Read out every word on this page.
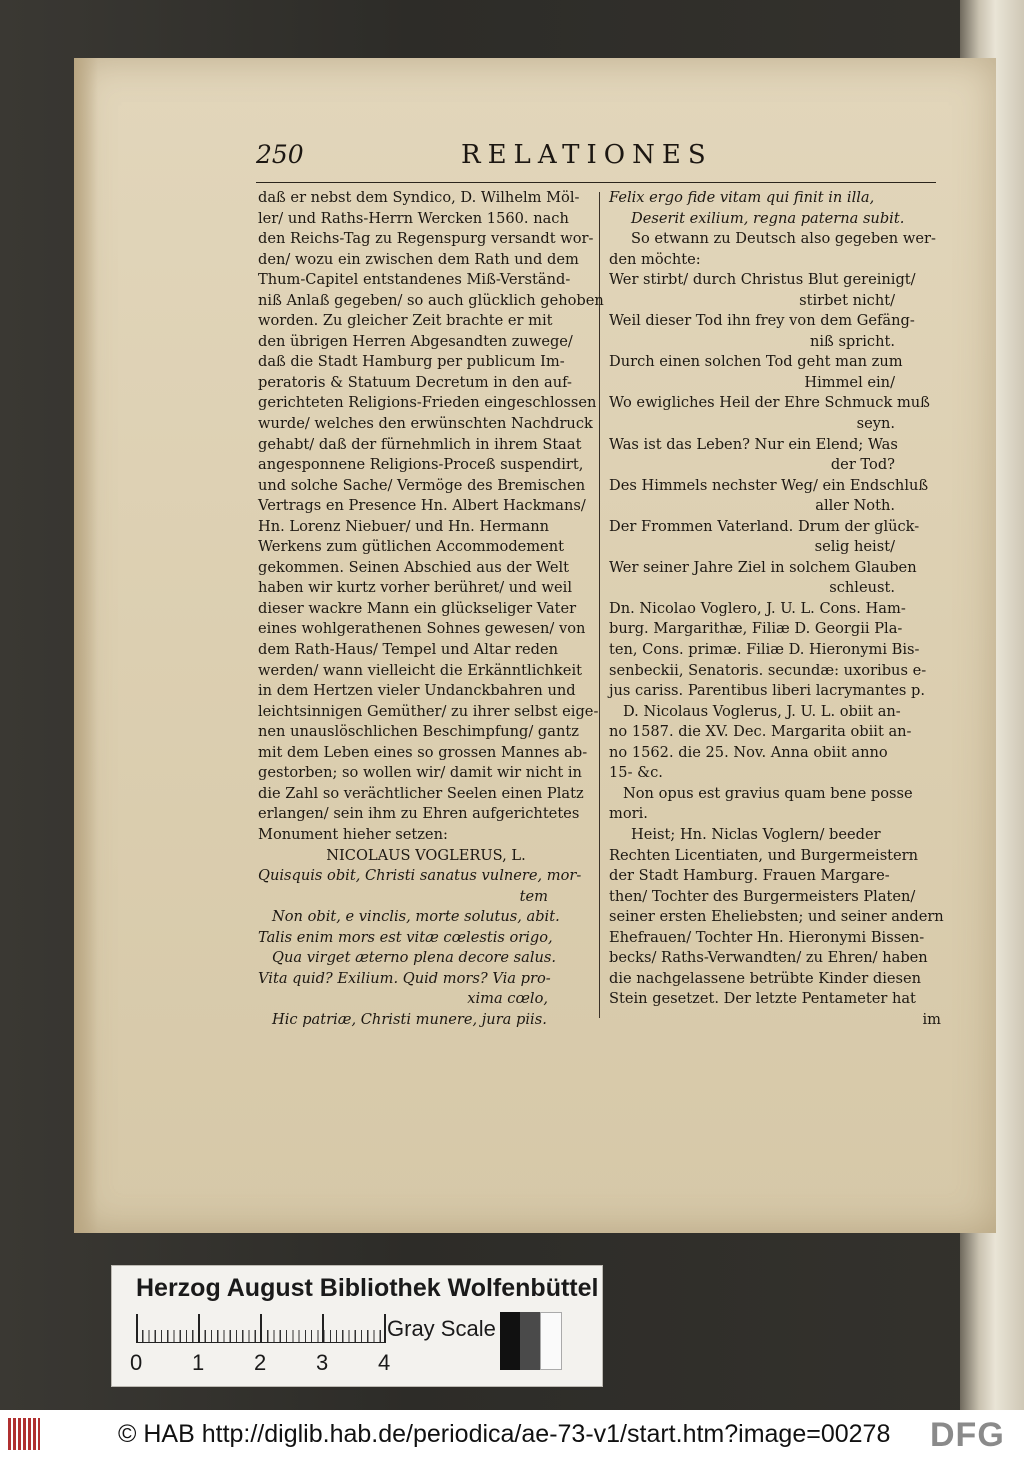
250	RELATIONES

daß er nebst dem Syndico, D. Wilhelm Möl-

ler/ und Raths-Herrn Wercken 1560. nach

den Reichs-Tag zu Regenspurg versandt wor-

den/ wozu ein zwischen dem Rath und dem

Thum-Capitel entstandenes Miß-Verständ-

niß Anlaß gegeben/ so auch glücklich gehoben

worden. Zu gleicher Zeit brachte er mit

den übrigen Herren Abgesandten zuwege/

daß die Stadt Hamburg per publicum Im-

peratoris & Statuum Decretum in den auf-

gerichteten Religions-Frieden eingeschlossen

wurde/ welches den erwünschten Nachdruck

gehabt/ daß der fürnehmlich in ihrem Staat

angesponnene Religions-Proceß suspendirt,

und solche Sache/ Vermöge des Bremischen

Vertrags en Presence Hn. Albert Hackmans/

Hn. Lorenz Niebuer/ und Hn. Hermann

Werkens zum gütlichen Accommodement

gekommen. Seinen Abschied aus der Welt

haben wir kurtz vorher berühret/ und weil

dieser wackre Mann ein glückseliger Vater

eines wohlgerathenen Sohnes gewesen/ von

dem Rath-Haus/ Tempel und Altar reden

werden/ wann vielleicht die Erkänntlichkeit

in dem Hertzen vieler Undanckbahren und

leichtsinnigen Gemüther/ zu ihrer selbst eige-

nen unauslöschlichen Beschimpfung/ gantz

mit dem Leben eines so grossen Mannes ab-

gestorben; so wollen wir/ damit wir nicht in

die Zahl so verächtlicher Seelen einen Platz

erlangen/ sein ihm zu Ehren aufgerichtetes

Monument hieher setzen:

NICOLAUS VOGLERUS, L.

Quisquis obit, Christi sanatus vulnere, mor-

tem

Non obit, e vinclis, morte solutus, abit.

Talis enim mors est vitæ cœlestis origo,

Qua virget æterno plena decore salus.

Vita quid? Exilium. Quid mors? Via pro-

xima cœlo,

Hic patriæ, Christi munere, jura piis.

Felix ergo fide vitam qui finit in illa,

Deserit exilium, regna paterna subit.

So etwann zu Deutsch also gegeben wer-

den möchte:

Wer stirbt/ durch Christus Blut gereinigt/

stirbet nicht/

Weil dieser Tod ihn frey von dem Gefäng-

niß spricht.

Durch einen solchen Tod geht man zum

Himmel ein/

Wo ewigliches Heil der Ehre Schmuck muß

seyn.

Was ist das Leben? Nur ein Elend; Was

der Tod?

Des Himmels nechster Weg/ ein Endschluß

aller Noth.

Der Frommen Vaterland. Drum der glück-

selig heist/

Wer seiner Jahre Ziel in solchem Glauben

schleust.

Dn. Nicolao Voglero, J. U. L. Cons. Ham-

burg. Margarithæ, Filiæ D. Georgii Pla-

ten, Cons. primæ. Filiæ D. Hieronymi Bis-

senbeckii, Senatoris. secundæ: uxoribus e-

jus cariss. Parentibus liberi lacrymantes p.

D. Nicolaus Voglerus, J. U. L. obiit an-

no 1587. die XV. Dec. Margarita obiit an-

no 1562. die 25. Nov. Anna obiit anno

15- &c.

Non opus est gravius quam bene posse

mori.

Heist; Hn. Niclas Voglern/ beeder

Rechten Licentiaten, und Burgermeistern

der Stadt Hamburg. Frauen Margare-

then/ Tochter des Burgermeisters Platen/

seiner ersten Eheliebsten; und seiner andern

Ehefrauen/ Tochter Hn. Hieronymi Bissen-

becks/ Raths-Verwandten/ zu Ehren/ haben

die nachgelassene betrübte Kinder diesen

Stein gesetzet. Der letzte Pentameter hat

im

Herzog August Bibliothek Wolfenbüttel
0 1 2 3 4
Gray Scale
© HAB http://diglib.hab.de/periodica/ae-73-v1/start.htm?image=00278 DFG
